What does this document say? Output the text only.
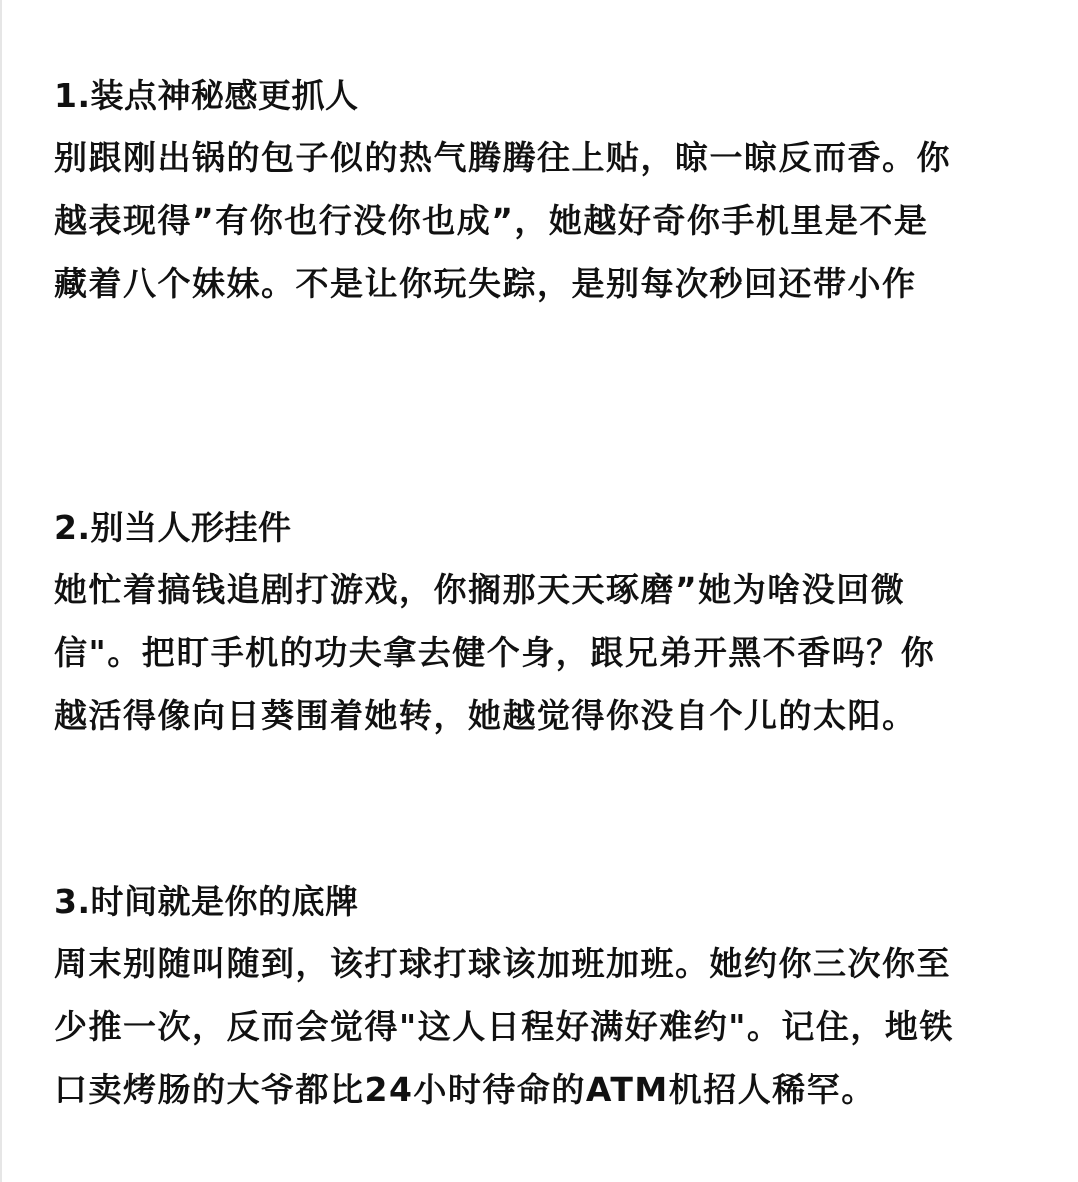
1.装点神秘感更抓人
别跟刚出锅的包子似的热气腾腾往上贴，晾一晾反而香。你
越表现得”有你也行没你也成”，她越好奇你手机里是不是
藏着八个妹妹。不是让你玩失踪，是别每次秒回还带小作
2.别当人形挂件
她忙着搞钱追剧打游戏，你搁那天天琢磨”她为啥没回微
信"。把盯手机的功夫拿去健个身，跟兄弟开黑不香吗？你
越活得像向日葵围着她转，她越觉得你没自个儿的太阳。
3.时间就是你的底牌
周末别随叫随到，该打球打球该加班加班。她约你三次你至
少推一次，反而会觉得"这人日程好满好难约"。记住，地铁
口卖烤肠的大爷都比24小时待命的ATM机招人稀罕。
